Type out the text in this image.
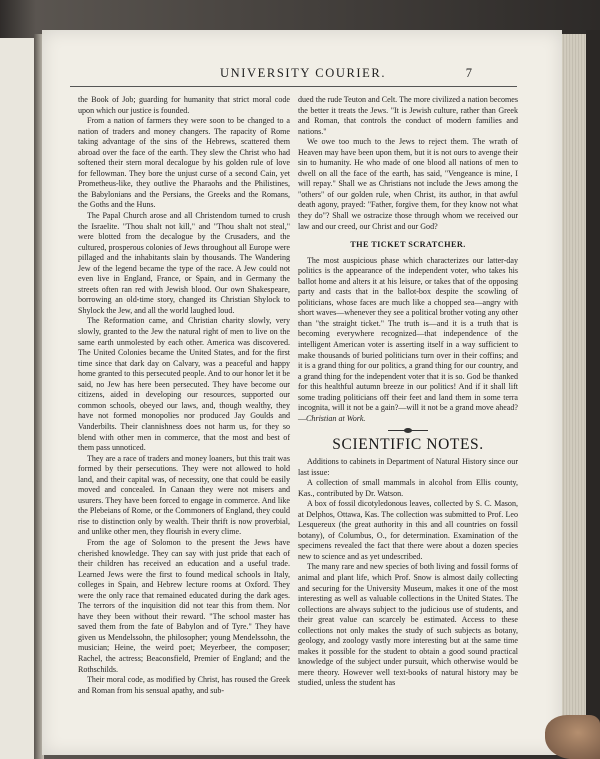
UNIVERSITY COURIER.	7

the Book of Job; guarding for humanity that strict moral code upon which our justice is founded.

From a nation of farmers they were soon to be changed to a nation of traders and money changers. The rapacity of Rome taking advantage of the sins of the Hebrews, scattered them abroad over the face of the earth. They slew the Christ who had softened their stern moral decalogue by his golden rule of love for fellowman. They bore the unjust curse of a second Cain, yet Prometheus-like, they outlive the Pharaohs and the Philistines, the Babylonians and the Persians, the Greeks and the Romans, the Goths and the Huns.

The Papal Church arose and all Christendom turned to crush the Israelite. "Thou shalt not kill," and "Thou shalt not steal," were blotted from the decalogue by the Crusaders, and the cultured, prosperous colonies of Jews throughout all Europe were pillaged and the inhabitants slain by thousands. The Wandering Jew of the legend became the type of the race. A Jew could not even live in England, France, or Spain, and in Germany the streets often ran red with Jewish blood. Our own Shakespeare, borrowing an old-time story, changed its Christian Shylock to Shylock the Jew, and all the world laughed loud.

The Reformation came, and Christian charity slowly, very slowly, granted to the Jew the natural right of men to live on the same earth unmolested by each other. America was discovered. The United Colonies became the United States, and for the first time since that dark day on Calvary, was a peaceful and happy home granted to this persecuted people. And to our honor let it be said, no Jew has here been persecuted. They have become our citizens, aided in developing our resources, supported our common schools, obeyed our laws, and, though wealthy, they have not formed monopolies nor produced Jay Goulds and Vanderbilts. Their clannishness does not harm us, for they so blend with other men in commerce, that the most and best of them pass unnoticed.

They are a race of traders and money loaners, but this trait was formed by their persecutions. They were not allowed to hold land, and their capital was, of necessity, one that could be easily moved and concealed. In Canaan they were not misers and usurers. They have been forced to engage in commerce. And like the Plebeians of Rome, or the Commoners of England, they could rise to distinction only by wealth. Their thrift is now proverbial, and unlike other men, they flourish in every clime.

From the age of Solomon to the present the Jews have cherished knowledge. They can say with just pride that each of their children has received an education and a useful trade. Learned Jews were the first to found medical schools in Italy, colleges in Spain, and Hebrew lecture rooms at Oxford. They were the only race that remained educated during the dark ages. The terrors of the inquisition did not tear this from them. Nor have they been without their reward. "The school master has saved them from the fate of Babylon and of Tyre." They have given us Mendelssohn, the philosopher; young Mendelssohn, the musician; Heine, the weird poet; Meyerbeer, the composer; Rachel, the actress; Beaconsfield, Premier of England; and the Rothschilds.

Their moral code, as modified by Christ, has roused the Greek and Roman from his sensual apathy, and sub-

dued the rude Teuton and Celt. The more civilized a nation becomes the better it treats the Jews. "It is Jewish culture, rather than Greek and Roman, that controls the conduct of modern families and nations."

We owe too much to the Jews to reject them. The wrath of Heaven may have been upon them, but it is not ours to avenge their sin to humanity. He who made of one blood all nations of men to dwell on all the face of the earth, has said, "Vengeance is mine, I will repay." Shall we as Christians not include the Jews among the "others" of our golden rule, when Christ, its author, in that awful death agony, prayed: "Father, forgive them, for they know not what they do"? Shall we ostracize those through whom we received our law and our creed, our Christ and our God?

THE TICKET SCRATCHER.

The most auspicious phase which characterizes our latter-day politics is the appearance of the independent voter, who takes his ballot home and alters it at his leisure, or takes that of the opposing party and casts that in the ballot-box despite the scowling of politicians, whose faces are much like a chopped sea—angry with short waves—whenever they see a political brother voting any other than "the straight ticket." The truth is—and it is a truth that is becoming everywhere recognized—that independence of the intelligent American voter is asserting itself in a way sufficient to make thousands of buried politicians turn over in their coffins; and it is a grand thing for our politics, a grand thing for our country, and a grand thing for the independent voter that it is so. God be thanked for this healthful autumn breeze in our politics! And if it shall lift some trading politicians off their feet and land them in some terra incognita, will it not be a gain?—will it not be a grand move ahead?—Christian at Work.

SCIENTIFIC NOTES.

Additions to cabinets in Department of Natural History since our last issue:

A collection of small mammals in alcohol from Ellis county, Kas., contributed by Dr. Watson.

A box of fossil dicotyledonous leaves, collected by S. C. Mason, at Delphos, Ottawa, Kas. The collection was submitted to Prof. Leo Lesquereux (the great authority in this and all countries on fossil botany), of Columbus, O., for determination. Examination of the specimens revealed the fact that there were about a dozen species new to science and as yet undescribed.

The many rare and new species of both living and fossil forms of animal and plant life, which Prof. Snow is almost daily collecting and securing for the University Museum, makes it one of the most interesting as well as valuable collections in the United States. The collections are always subject to the judicious use of students, and their great value can scarcely be estimated. Access to these collections not only makes the study of such subjects as botany, geology, and zoology vastly more interesting but at the same time makes it possible for the student to obtain a good sound practical knowledge of the subject under pursuit, which otherwise would be mere theory. However well text-books of natural history may be studied, unless the student has
